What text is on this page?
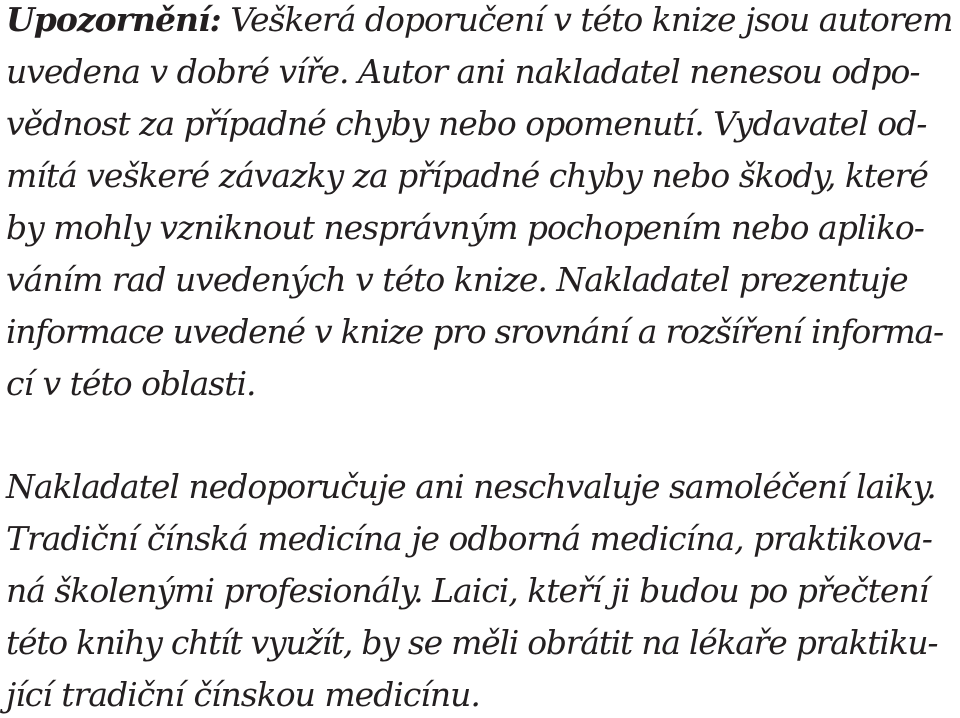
Upozornění: Veškerá doporučení v této knize jsou autorem

uvedena v dobré víře. Autor ani nakladatel nenesou odpo-

vědnost za případné chyby nebo opomenutí. Vydavatel od-

mítá veškeré závazky za případné chyby nebo škody, které

by mohly vzniknout nesprávným pochopením nebo apliko-

váním rad uvedených v této knize. Nakladatel prezentuje

informace uvedené v knize pro srovnání a rozšíření informa-

cí v této oblasti.

Nakladatel nedoporučuje ani neschvaluje samoléčení laiky.

Tradiční čínská medicína je odborná medicína, praktikova-

ná školenými profesionály. Laici, kteří ji budou po přečtení

této knihy chtít využít, by se měli obrátit na lékaře praktiku-

jící tradiční čínskou medicínu.
